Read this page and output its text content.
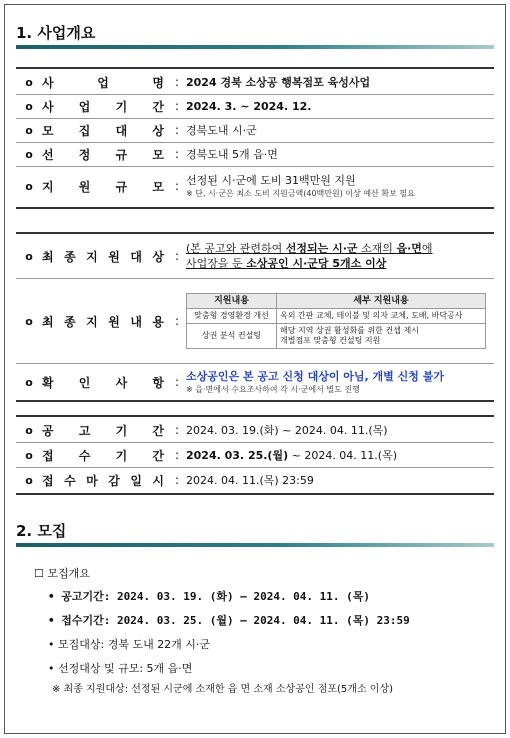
1. 사업개요
o 사	업	명 : 2024 경북 소상공 행복점포 육성사업
o 사 업 기 간 : 2024. 3. ~ 2024. 12.
o 모 집 대 상 : 경북도내 시·군
o 선 정 규 모 : 경북도내 5개 읍·면
o 지 원 규 모 : 선정된 시·군에 도비 31백만원 지원
※ 단, 시·군은 최소 도비 지원금액(40백만원) 이상 예산 확보 필요
o 최 종 지 원 대 상 :
(본 공고와 관련하여 선정되는 시·군 소재의 읍·면에
사업장을 둔 소상공인 시·군당 5개소 이상
o 최 종 지 원 내 용 :
지원내용	세부 지원내용
맞춤형 경영환경 개선	옥외 간판 교체, 테이블 및 의자 교체, 도배, 바닥공사
상권 분석 컨설팅	해당 지역 상권 활성화를 위한 컨셉 제시
개별점포 맞춤형 컨설팅 지원
o 확 인 사 항 : 소상공인은 본 공고 신청 대상이 아님, 개별 신청 불가
※ 읍·면에서 수요조사하여 각 시·군에서 별도 진행
o 공 고 기 간 : 2024. 03. 19.(화) ~ 2024. 04. 11.(목)
o 접 수 기 간 : 2024. 03. 25.(월) ~ 2024. 04. 11.(목)
o 접 수 마 감 일 시 : 2024. 04. 11.(목) 23:59
2. 모집
☐ 모집개요
• 공고기간: 2024. 03. 19. (화) – 2024. 04. 11. (목)
• 접수기간: 2024. 03. 25. (월) – 2024. 04. 11. (목) 23:59
• 모집대상: 경북 도내 22개 시·군
• 선정대상 및 규모: 5개 읍·면
※ 최종 지원대상: 선정된 시군에 소재한 읍 면 소재 소상공인 점포(5개소 이상)
